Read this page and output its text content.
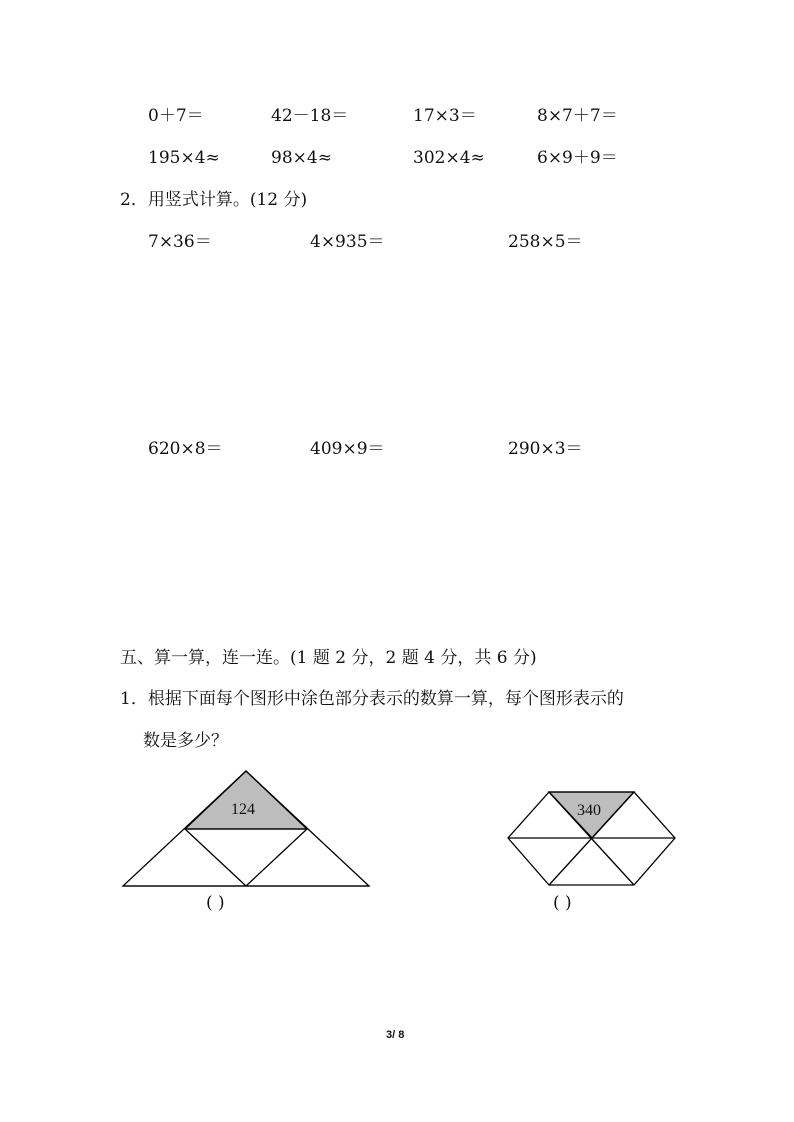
0＋7＝	42－18＝	17×3＝	8×7＋7＝
195×4≈	98×4≈	302×4≈	6×9＋9＝
2．用竖式计算。(12 分)
7×36＝	4×935＝	258×5＝
620×8＝	409×9＝	290×3＝
五、算一算，连一连。(1 题 2 分，2 题 4 分，共 6 分)
1．根据下面每个图形中涂色部分表示的数算一算，每个图形表示的
数是多少？
124	340
( )	( )
3/ 8
